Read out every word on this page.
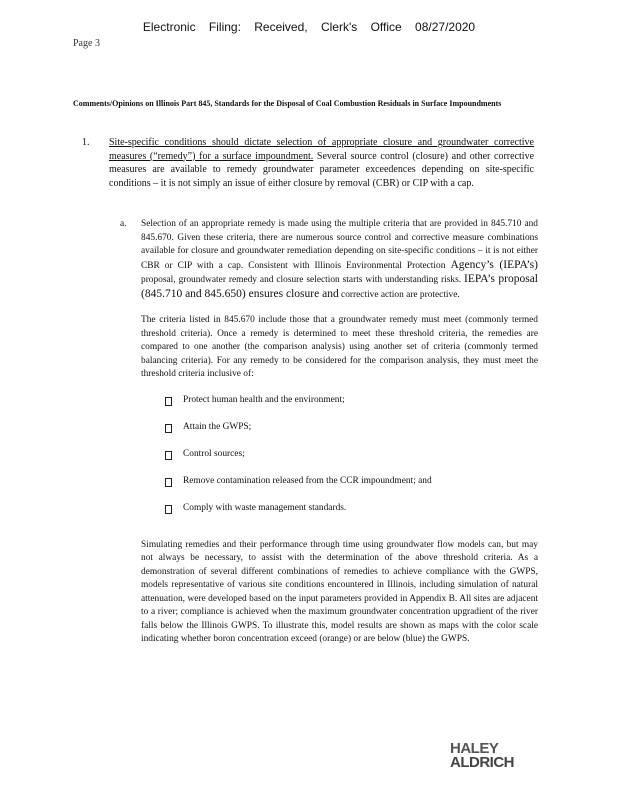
Electronic Filing: Received, Clerk's Office 08/27/2020
Page 3
Comments/Opinions on Illinois Part 845, Standards for the Disposal of Coal Combustion Residuals in Surface Impoundments
1. Site-specific conditions should dictate selection of appropriate closure and groundwater corrective measures (“remedy”) for a surface impoundment. Several source control (closure) and other corrective measures are available to remedy groundwater parameter exceedences depending on site-specific conditions – it is not simply an issue of either closure by removal (CBR) or CIP with a cap.
a. Selection of an appropriate remedy is made using the multiple criteria that are provided in 845.710 and 845.670. Given these criteria, there are numerous source control and corrective measure combinations available for closure and groundwater remediation depending on site-specific conditions – it is not either CBR or CIP with a cap. Consistent with Illinois Environmental Protection Agency’s (IEPA’s) proposal, groundwater remedy and closure selection starts with understanding risks. IEPA’s proposal (845.710 and 845.650) ensures closure and corrective action are protective.

The criteria listed in 845.670 include those that a groundwater remedy must meet (commonly termed threshold criteria). Once a remedy is determined to meet these threshold criteria, the remedies are compared to one another (the comparison analysis) using another set of criteria (commonly termed balancing criteria). For any remedy to be considered for the comparison analysis, they must meet the threshold criteria inclusive of:

Protect human health and the environment;
Attain the GWPS;
Control sources;
Remove contamination released from the CCR impoundment; and
Comply with waste management standards.

Simulating remedies and their performance through time using groundwater flow models can, but may not always be necessary, to assist with the determination of the above threshold criteria. As a demonstration of several different combinations of remedies to achieve compliance with the GWPS, models representative of various site conditions encountered in Illinois, including simulation of natural attenuation, were developed based on the input parameters provided in Appendix B. All sites are adjacent to a river; compliance is achieved when the maximum groundwater concentration upgradient of the river falls below the Illinois GWPS. To illustrate this, model results are shown as maps with the color scale indicating whether boron concentration exceed (orange) or are below (blue) the GWPS.

HALEY
ALDRICH
